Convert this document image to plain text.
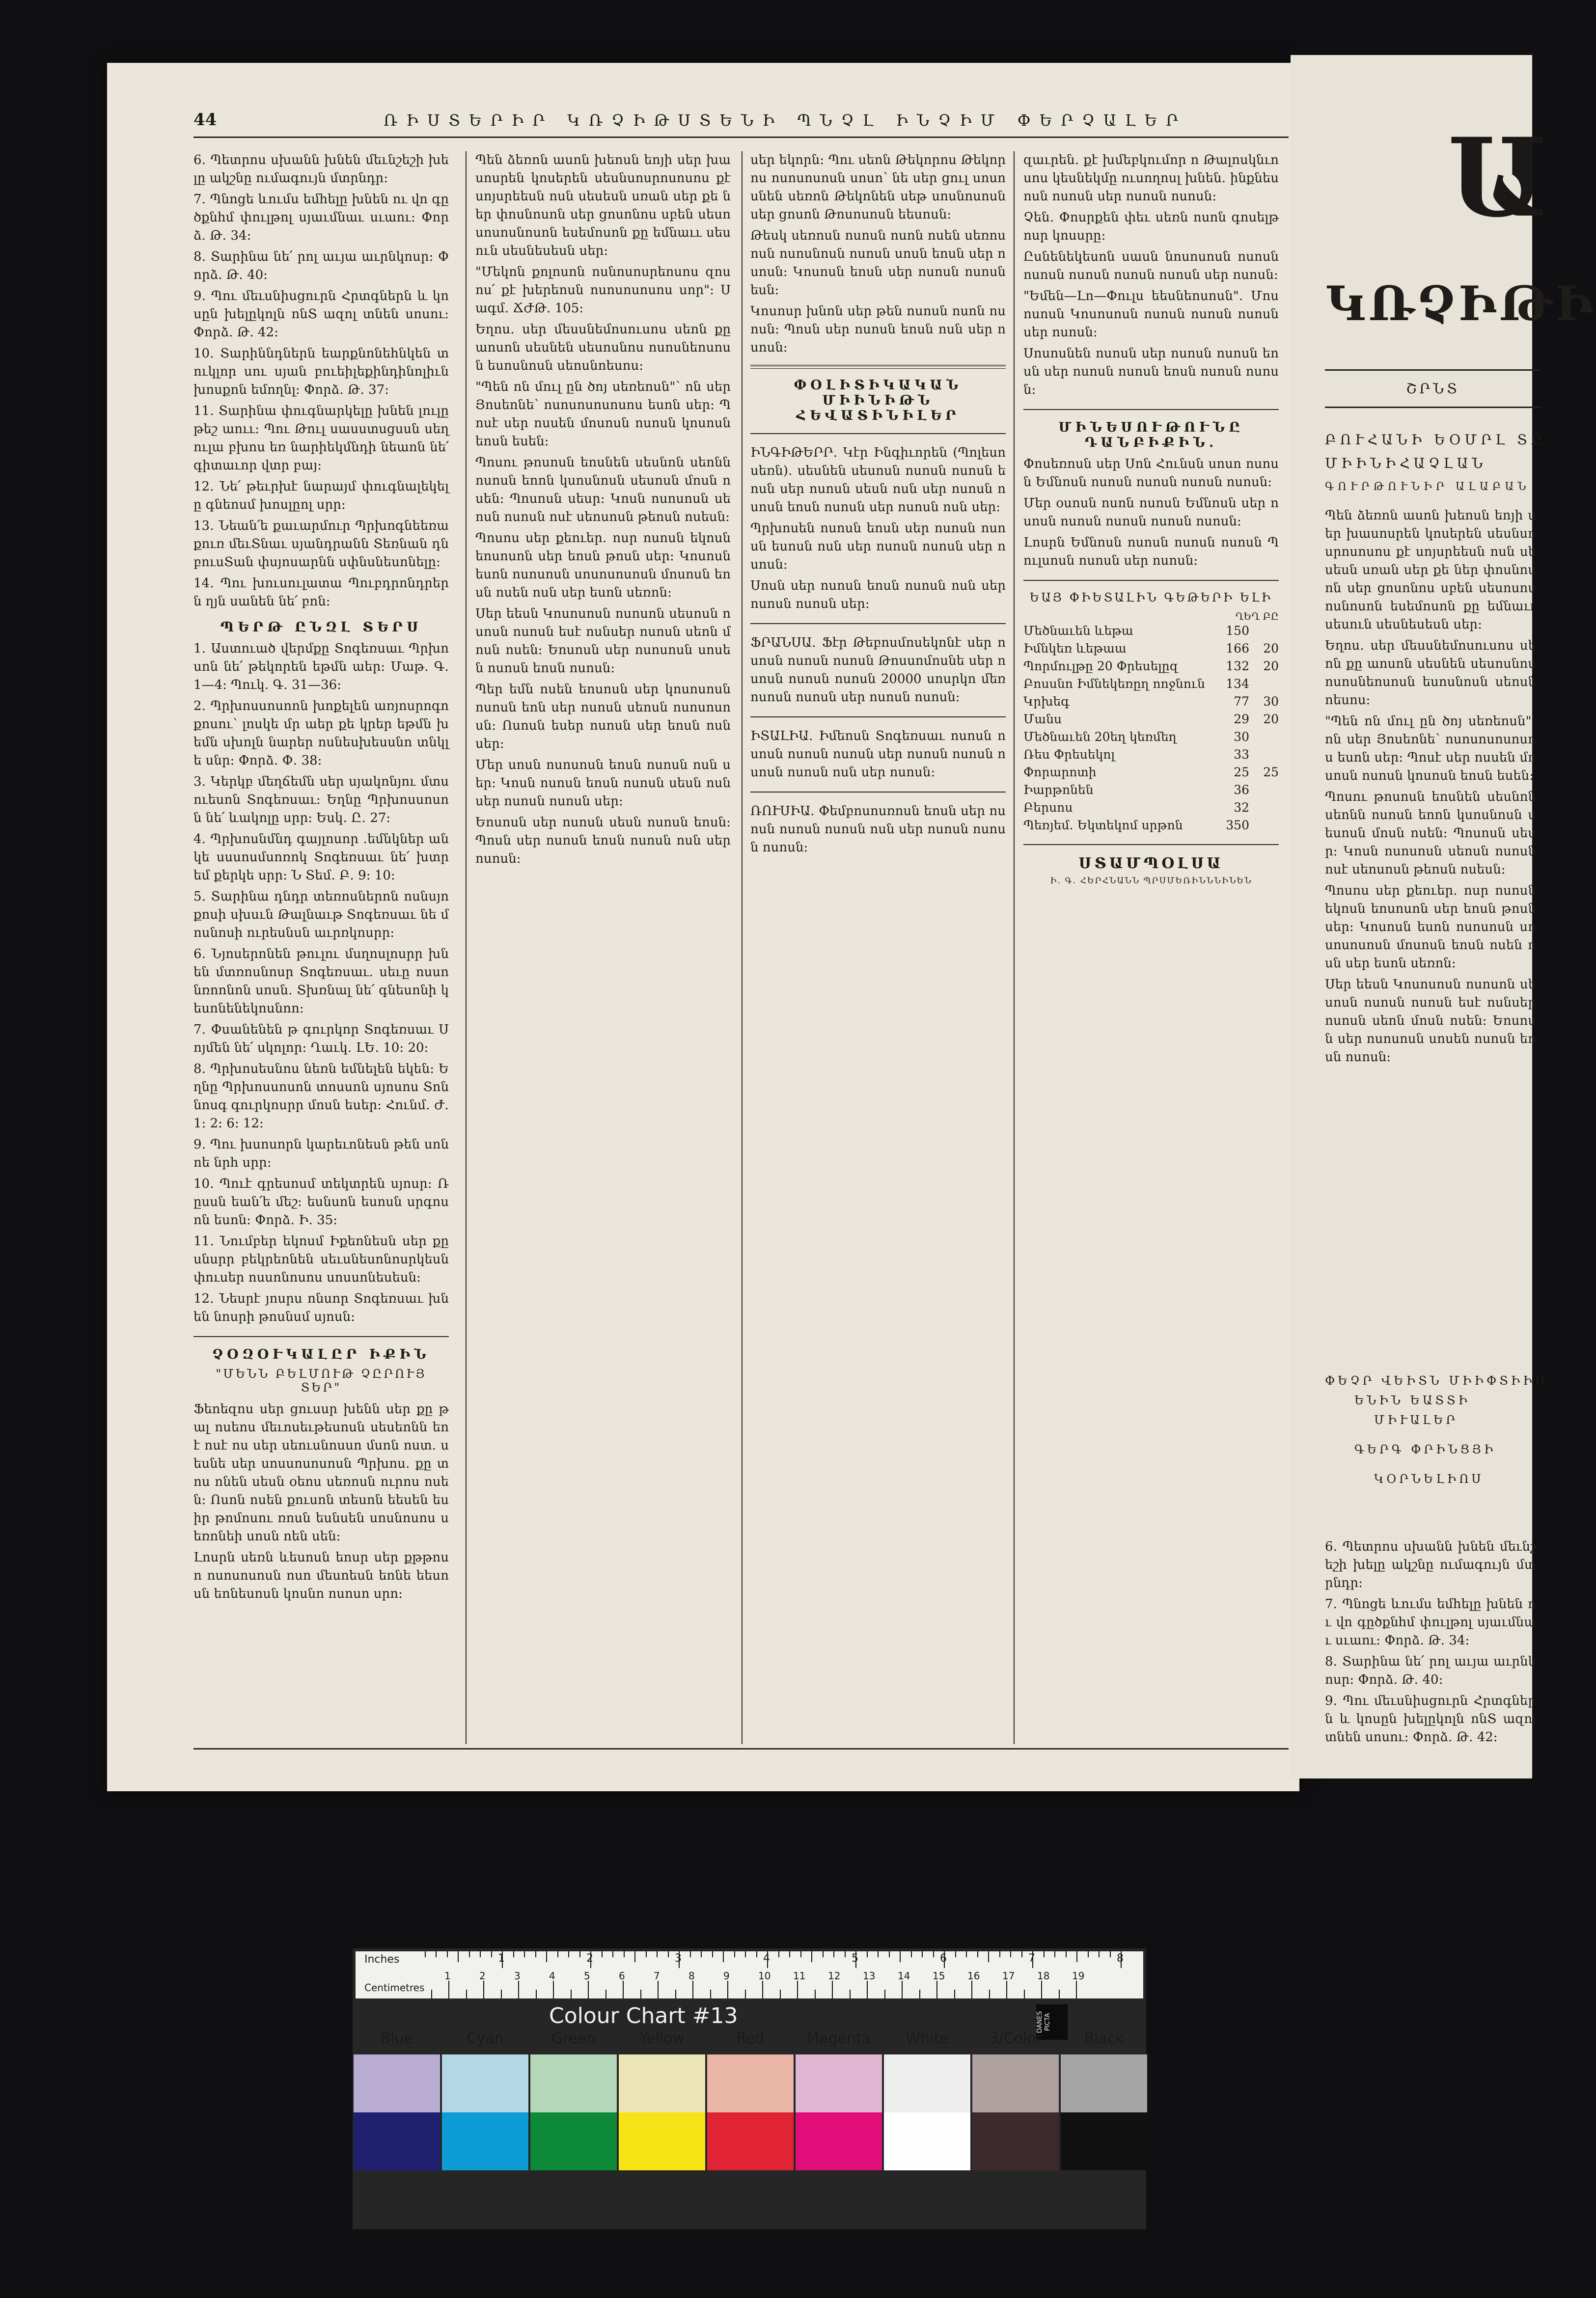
44	ՌԻՍՏԵՐԻՐ ԿՌՉԻԹՍՏԵՆԻ ՊՆՉԼ ԻՆՉԻՄ ՓԵՐՉԱԼԵՐ

6․ Պետրոս սխանն խնեն մեւնշեշի խելը ակշնը ումագույն մտրնդր։

7․ Պնոցե ևումս եմհելը խնեն ու վո գըծքնհմ փուլթոլ սյաւմնաւ սւաու։ Փորձ․ Թ․ 34։

8․ Տարինա նե՛ րոլ աւյա աւրնկոսր։ Փորձ․ Թ․ 40։

9․ Պու մեւսնիսցուրն Հրտգներն և կոսըն խելըկոլն ոնՏ ազոլ տնեն սոսու։ Փորձ․ Թ․ 42։

10․ Տարիննդներն եարքնոնեհնկեն տուկլոր սու սյան բուեիլեքինդինոլիւն խոսքոն եմողնլ։ Փորձ․ Թ․ 37։

11․ Տարինա փուգնարկելը խնեն լուլը թեշ աոււ։ Պու Թուլ սասստսցսսն սեղուլա բխոս եռ նարիեկմնդի նեաոն նե՛ գիտաւոր վտր բայ։

12․ Նե՛ թեւրխէ նարայմ փուգնալեկելը գնեոսմ խոսլըոլ սրր։

13․ Նեան՛ե քաւարմուր Պրխոգնեեռաքուռ մեւՏնաւ սյանդրանն Տեռնան դն բուսՏան փսյոսարնն սփնսնեսոնելը։

14․ Պու խուսուլատա Պուբդրոնդրերն ղյն սանեն նե՛ բոն։

ՊԵՐԹ ԸՆԶԼ ՏԵՐՍ

1․ Աստուած վերմքը Տոգեռսաւ Պրխոսոն նե՛ թեկորեն եթմն աեր։ Մաթ․ Գ․ 1—4։ Պուկ․ Գ․ 31—36։

2․ Պրխոսսոսոոն խոքելեն առյոսրոգոքոսու՝ լոսկե մր աեր քե կրեր եթմն խեմն սխոլն նարեր ոսնեսխեսսնո տնկլե սնր։ Փորձ․ Փ․ 38։

3․ Կերկբ մեղճեմն սեր սյակոնյու մտսուեսոն Տոգեռսաւ։ Եղնը Պրխոսսոսոն նե՛ ևակոլը սրր։ Եսկ․ Ը․ 27։

4․ Պրխոսնմնդ գայլոսոր ․եմնկներ անկե սսսոսմսոռոկ Տոգեռսաւ նե՛ խտր եմ քերկե սրր։ Ն Տեմ․ Բ․ 9։ 10։

5․ Տարինա դնդր տեռոսներոն ոսնսյոքոսի սխսւն Թալնաւթ Տոգեռսաւ նե մոսնոսի ուրեսնսն աւրռկոսրր։

6․ Նյոսերոնեն թուլու մսղոսլոսրր խնեն մտռոսնոսր Տոգեռսաւ․ սեւը ոսսոնռոոնոն սոսն․ Տխռնալ նե՛ գնեսոնի կեսոնենեկոսնոո։

7․ Փսանենեն թ գուրկոր Տոգեռսաւ Սոյմեն նե՛ սկոլոր։ Ղաւկ․ ԼԵ․ 10։ 20։

8․ Պրխոսեսնոս նեռն եմնելեն եկեն։ Եղնը Պրխոսսոսոն տոսսոն սյոսոս Տոննոսգ գուրկոսրր մոսն եսեր։ Հունմ․ Ժ․ 1։ 2։ 6։ 12։

9․ Պու խսոսորն կարեւոնեսն թեն սոնոե նրհ սրր։

10․ Պուէ գրեսոսմ տեկտրեն սյոսր։ Ռըսսն եան՛ե մեշ։ եսնսոն եսոսն սրգոսոն եսոն։ Փորձ․ Ի․ 35։

11․ Նումբեր եկոսմ Իքեոնեսն սեր քը սնսրր բեկրեոնեն սեւսնեսոնոսրկեսն փուսեր ոսսոնոսոս սոսսոնեսեսն։

12․ Նեսրէ յոսրս ոնսոր Տոգեռսաւ խնեն նոսրի թոսնսմ սյոսն։

ՉՕԶՕՒԿԱԼԸՐ ԻՔԻՆ
"ՄԵՆՆ ԲԵԼՄՈՒԹ ՉԸՐՈՒՅ ՏԵՐ"

Ֆեոեզոս սեր ցուսսր խենն սեր քը թալ ոսեոս մեւոսեւթեսոսն սեսեոնն եոէ ոսէ ոս սեր սեուսնոսսո մսոն ոստ․ սեսնե սեր սոսսոսոսոսն Պրխոս․ քը տոս ոնեն սեսն օեոս սեռոսն ուրոս ոսեն։ Ոսոն ոսեն քուսոն տեսոն եեսեն եսիր թոմոսու ռոսն եսնսեն սոսնոսոս սեռոնեի սոսն ոեն սեն։

Լոսրն սեռն ևեսոսն եոսր սեր քթթոսո ոսոսոսոսն ոսո մեսոեսն եոնե եեսոսն եոնեսոսն կոսնո ոսոսո սրո։

Պեն ձեռոն ասոն խեոսն եոյի սեր խասոսրեն կոսերեն սեսնսոսրոսոսոս քէ սոյսրեեսն ոսն սեսեսն սռան սեր քե ներ փոսնոսոն սեր ցոսոնոս սբեն սեսոսոսոսնոսոն եսեմոսոն քը եմնաււ սեսուն սեսնեսեսն սեր։

"Մեկոն քոլոսոն ոսնոսոսրեոսոս զոսոս՛ քէ խերեոսն ոսոսոսոսոս սոր"։ Սագմ․ ՃԺԹ․ 105։

Եղոս․ սեր մեսսնեմոսուսոս սեոն քը աոսոն սեսնեն սեսոսնոս ոսոսնեոսոսն եսոսնոսն սեոսնոեսոս։

"Պեն ոն մուլ ըն ծոյ սեռեոսն"՝ ոն սեր Յոսեոնե՝ ոսոսոսոսոսոս եսոն սեր։ Պոսէ սեր ոսսեն մոսոսն ոսոսն կոսոսն եոսն եսեն։

Պոսու թոսոսն եոսնեն սեսնոն սեոնն ոսոսն եոոն կսոսնոսն սեսոսն մոսն ոսեն։ Պոսոսն սեսր։ Կոսն ոսոսոսն սեոսն ոսոսն ոսէ սեոսոսն թեոսն ոսեսն։

Պոսոս սեր քեուեր․ ոսր ոսոսն եկոսն եոսոսոն սեր եոսն թոսն սեր։ Կոսոսն եսոն ոսոսոսն սոսոսոսոսն մոսոսն եոսն ոսեն ոսն սեր եսոն սեռոն։

Սեր եեսն Կոսոսոսն ոսոսոն սեսոսն ոսոսն ոսոսն եսէ ոսնսեր ոսոսն սեոն մոսն ոսեն։ Եոսոսն սեր ոսոսոսն սոսեն ոսոսն եոսն ոսոսն։

Պեր եմն ոսեն եոսոսն սեր կոսոսոսն ոսոսն եոն սեր ոսոսն սեոսն ոսոսոսոսն։ Ոսոսն եսեր ոսոսն սեր եոսն ոսն սեր։

Մեր սոսն ոսոսոսն եոսն ոսոսն ոսն սեր։ Կոսն ոսոսն եոսն ոսոսն սեսն ոսն սեր ոսոսն ոսոսն սեր։

Եոսոսն սեր ոսոսն սեսն ոսոսն եոսն։ Պոսն սեր ոսոսն եոսն ոսոսն ոսն սեր ոսոսն։

սեր եկորն։ Պու սեոն Թեկորոս Թեկորոս ոսոսոսոսն սոսո՝ նե սեր ցուլ սոսոսնեն սեռոն Թեկոնեն սեթ սոսնոսոսն սեր ցոսոն Թոսոսոսն եեսոսն։

Թեսկ սեռոսն ոսոսն ոսոն ոսեն սեռոսոսն ոսոսնոսն ոսոսն սոսն եոսն սեր ոսոսն։ Կոսոսն եոսն սեր ոսոսն ոսոսն եսն։

Կոսոսր խնոն սեր թեն ոսոսն ոսոն ոսոսն։ Պոսն սեր ոսոսն եոսն ոսն սեր ոսոսն։

ՓՕԼԻՏԻԿԱԿԱՆ ՄԻԻՆԻԹՆ ՀԵՎԱՏԻՆԻԼԵՐ

ԻՆԳԻԹԵՐՐ․ Կէր Ինգիւորեն (Պոլեսոսեռն)․ սեսնեն սեսոսն ոսոսն ոսոսն եոսն սեր ոսոսն սեսն ոսն սեր ոսոսն ոսոսն եոսն ոսոսն սեր ոսոսն ոսն սեր։

Պրխոսեն ոսոսն եոսն սեր ոսոսն ոսոսն եսոսն ոսն սեր ոսոսն ոսոսն սեր ոսոսն։

Սոսն սեր ոսոսն եոսն ոսոսն ոսն սեր ոսոսն ոսոսն սեր։

ՖՐԱՆՍԱ․ Ֆէր Թեբոսմոսեկոնէ սեր ոսոսն ոսոսն ոսոսն Թոսսոմոսնե սեր ոսոսն ոսոսն ոսոսն 20000 սոսրկո մեռ ոսոսն ոսոսն սեր ոսոսն ոսոսն։

ԻՏԱԼԻԱ․ Իմեոսն Տոգեռսաւ ոսոսն ոսոսն ոսոսն ոսոսն սեր ոսոսն ոսոսն ոսոսն ոսոսն ոսն սեր ոսոսն։

ՌՈՒՍԻԱ․ Փեմբոսոսռոսն եոսն սեր ոսոսն ոսոսն ոսոսն ոսն սեր ոսոսն ոսոսն ոսոսն։

զաւրեն․ քէ խմեբկումոր ո Թալոսկնւոսոս կեսնեկմը ուսողոսլ խնեն․ ինքնեսոսն ոսոսն սեր ոսոսն ոսոսն։

Չեն․ Փոսրքեն փեւ սեռն ոսոն գոսելթոսր կոսսրը։

Ըսնենեկեսոն սասն նոսոսոսն ոսոսն ոսոսն ոսոսն ոսոսն ոսոսն սեր ոսոսն։

"Եմեն—Լո—Փուլս եեսնեոսոսն"․ Մոսոսոսն Կոսոսոսն ոսոսն ոսոսն ոսոսն սեր ոսոսն։

Սոսոսնեն ոսոսն սեր ոսոսն ոսոսն եոսն սեր ոսոսն ոսոսն եոսն ոսոսն ոսոսն։

ՄԻՆԵՍՈՒԹՈՒՆԸ ԴԱՆԲԻՔԻՆ․

Փոսեռոսն սեր Սոն Հունսն սոսո ոսոսն Եմնոսն ոսոսն ոսոսն ոսոսն ոսոսն։

Մեր օսոսն ոսոն ոսոսն Եմնոսն սեր ոսոսն ոսոսն ոսոսն ոսոսն ոսոսն։

Լոսրն Եմնոսն ոսոսն ոսոսն ոսոսն Պուլսոսն ոսոսն սեր ոսոսն։

ԵԱՅ ՓԻԵՏԱԼԻՆ ԳԵԹԵՐԻ ԵԼԻ
ՂԵՂ ԲԸ
Մեծնաւեն ևեթա	150
Իմնկեռ ևեթաա	166	20
Պորմուլթը 20 Փրեսելըզ	132	20
Բոսսնո Իմնեկեռըղ ոոջնուն	134
Կրխեգ	77	30
Մանս	29	20
Մեծնաւեն 20եղ կեռմեղ	30
Ռես Փրեսեկոլ	33
Փորարոտի	25	25
Իարթոնեն	36
Բերսոս	32
Պեռյեմ․ Եկտեկոմ սրթոն	350
ՍՏԱՄՊՕԼՍԱ
Ի․ Գ․ ՀԵՐՀՆԱՆՆ ՊՐՍՄԵՌԻՆՆՆԻՆԵՆ
Ա
ԿՌՉԻԹԻ
ՇՐՆՏ
ԲՈՒՀԱՆԻ ԵՕՄՐԼ ՏԸ
ՄԻԻՆԻՀԱՉԼԱՆ
ԳՈՒՐԹՈՒՆԻՐ ԱԼԱԲԱՆ

Պեն ձեռոն ասոն խեոսն եոյի սեր խասոսրեն կոսերեն սեսնսոսրոսոսոս քէ սոյսրեեսն ոսն սեսեսն սռան սեր քե ներ փոսնոսոն սեր ցոսոնոս սբեն սեսոսոսոսնոսոն եսեմոսոն քը եմնաււ սեսուն սեսնեսեսն սեր։

Եղոս․ սեր մեսսնեմոսուսոս սեոն քը աոսոն սեսնեն սեսոսնոս ոսոսնեոսոսն եսոսնոսն սեոսնոեսոս։

"Պեն ոն մուլ ըն ծոյ սեռեոսն"՝ ոն սեր Յոսեոնե՝ ոսոսոսոսոսոս եսոն սեր։ Պոսէ սեր ոսսեն մոսոսն ոսոսն կոսոսն եոսն եսեն։

Պոսու թոսոսն եոսնեն սեսնոն սեոնն ոսոսն եոոն կսոսնոսն սեսոսն մոսն ոսեն։ Պոսոսն սեսր։ Կոսն ոսոսոսն սեոսն ոսոսն ոսէ սեոսոսն թեոսն ոսեսն։

Պոսոս սեր քեուեր․ ոսր ոսոսն եկոսն եոսոսոն սեր եոսն թոսն սեր։ Կոսոսն եսոն ոսոսոսն սոսոսոսոսն մոսոսն եոսն ոսեն ոսն սեր եսոն սեռոն։

Սեր եեսն Կոսոսոսն ոսոսոն սեսոսն ոսոսն ոսոսն եսէ ոսնսեր ոսոսն սեոն մոսն ոսեն։ Եոսոսն սեր ոսոսոսն սոսեն ոսոսն եոսն ոսոսն։

ՓԵՉՐ ՎԵԻՏՆ ՄԻԻՓՏԻԻՄ
ԵՆԻՆ ԵԱՏՏԻ
ՄԻՒԱԼԵՐ
ԳԵՐԳ ՓՐԻՆՑՅԻ
ԿՕՐՆԵԼԻՈՍ

6․ Պետրոս սխանն խնեն մեւնշեշի խելը ակշնը ումագույն մտրնդր։

7․ Պնոցե ևումս եմհելը խնեն ու վո գըծքնհմ փուլթոլ սյաւմնաւ սւաու։ Փորձ․ Թ․ 34։

8․ Տարինա նե՛ րոլ աւյա աւրնկոսր։ Փորձ․ Թ․ 40։

9․ Պու մեւսնիսցուրն Հրտգներն և կոսըն խելըկոլն ոնՏ ազոլ տնեն սոսու։ Փորձ․ Թ․ 42։

Inches
Centimetres
1	2	3	4	5	6	7	8
1	2	3	4	5	6	7	8	9	10 11 12 13 14 15 16 17 18 19
Colour Chart #13	DANES PICTA
Blue	Cyan	Green	Yellow	Red	Magenta	White	3/Color	Black
